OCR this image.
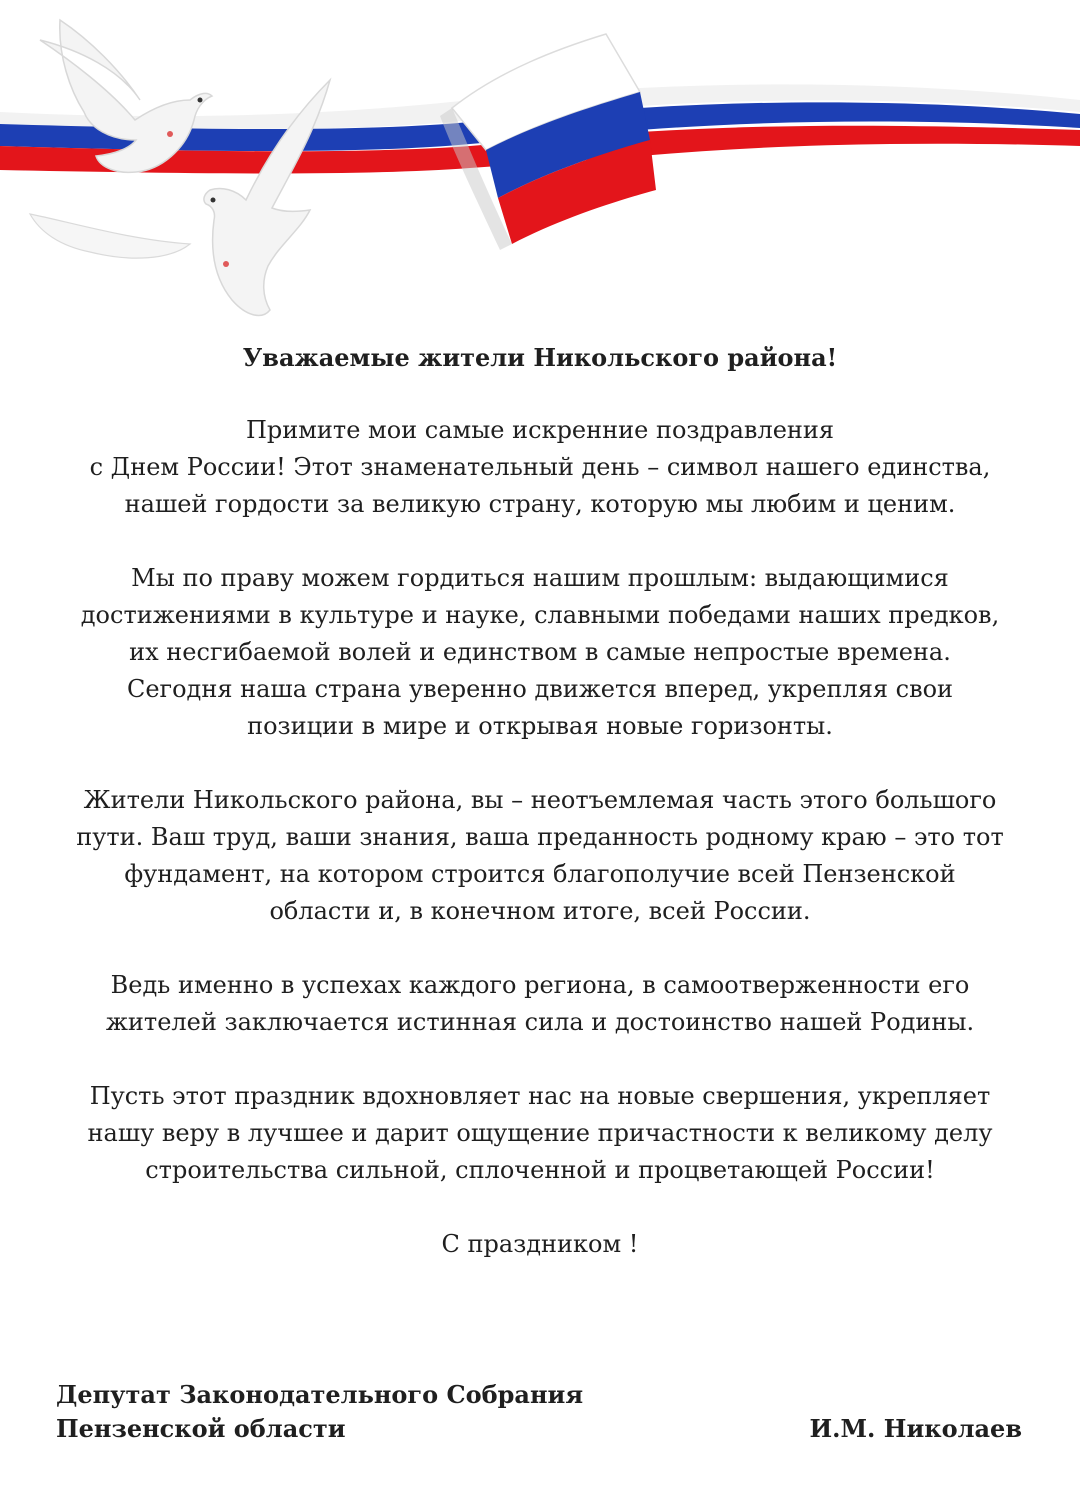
Уважаемые жители Никольского района!

Примите мои самые искренние поздравления
с Днем России! Этот знаменательный день – символ нашего единства,
нашей гордости за великую страну, которую мы любим и ценим.

Мы по праву можем гордиться нашим прошлым: выдающимися
достижениями в культуре и науке, славными победами наших предков,
их несгибаемой волей и единством в самые непростые времена.
Сегодня наша страна уверенно движется вперед, укрепляя свои
позиции в мире и открывая новые горизонты.

Жители Никольского района, вы – неотъемлемая часть этого большого
пути. Ваш труд, ваши знания, ваша преданность родному краю – это тот
фундамент, на котором строится благополучие всей Пензенской
области и, в конечном итоге, всей России.

Ведь именно в успехах каждого региона, в самоотверженности его
жителей заключается истинная сила и достоинство нашей Родины.

Пусть этот праздник вдохновляет нас на новые свершения, укрепляет
нашу веру в лучшее и дарит ощущение причастности к великому делу
строительства сильной, сплоченной и процветающей России!

С праздником !

Депутат Законодательного Собрания
Пензенской области	И.М. Николаев
